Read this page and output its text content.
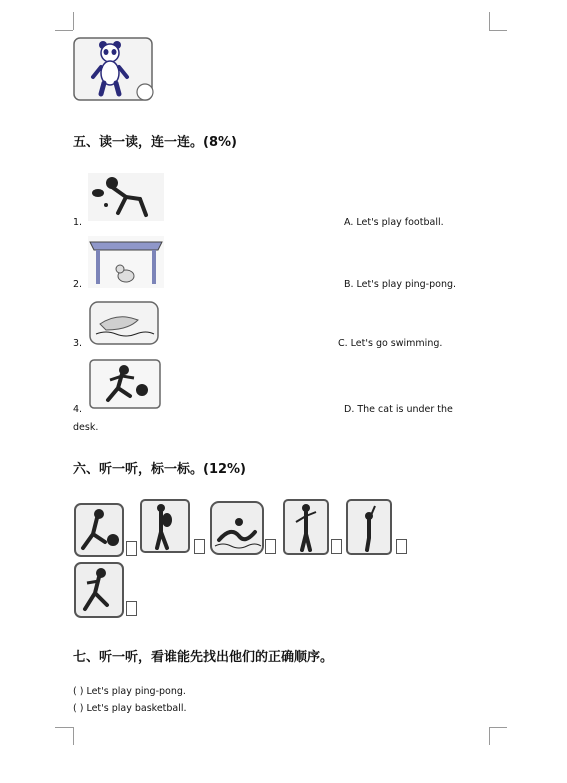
五、读一读，连一连。(8%)
1.	A. Let's play football.
2.	B. Let's play ping-pong.
3.	C. Let's go swimming.
4.	D. The cat is under the
desk.
六、听一听，标一标。(12%)
七、听一听，看谁能先找出他们的正确顺序。
( ) Let's play ping-pong.
( ) Let's play basketball.
